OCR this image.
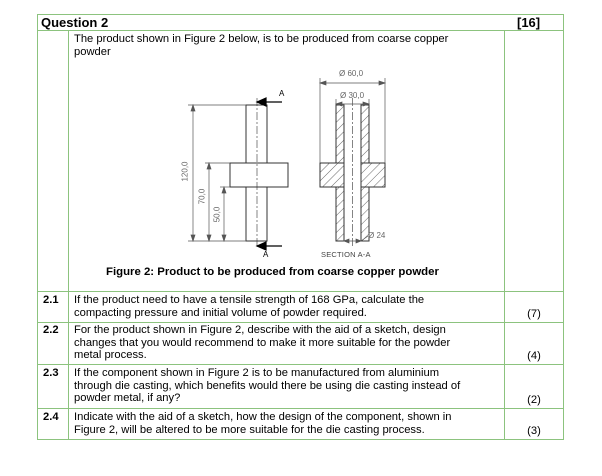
Question 2	[16]
The product shown in Figure 2 below, is to be produced from coarse copper
powder
Ø 60,0
Ø 30,0
Ø 24
A
A	SECTION A-A
120,0
70,0
50,0
Figure 2: Product to be produced from coarse copper powder
2.1 If the product need to have a tensile strength of 168 GPa, calculate the
compacting pressure and initial volume of powder required.	(7)
2.2 For the product shown in Figure 2, describe with the aid of a sketch, design
changes that you would recommend to make it more suitable for the powder
metal process.	(4)
2.3 If the component shown in Figure 2 is to be manufactured from aluminium
through die casting, which benefits would there be using die casting instead of
powder metal, if any?	(2)
2.4 Indicate with the aid of a sketch, how the design of the component, shown in
Figure 2, will be altered to be more suitable for the die casting process.	(3)
